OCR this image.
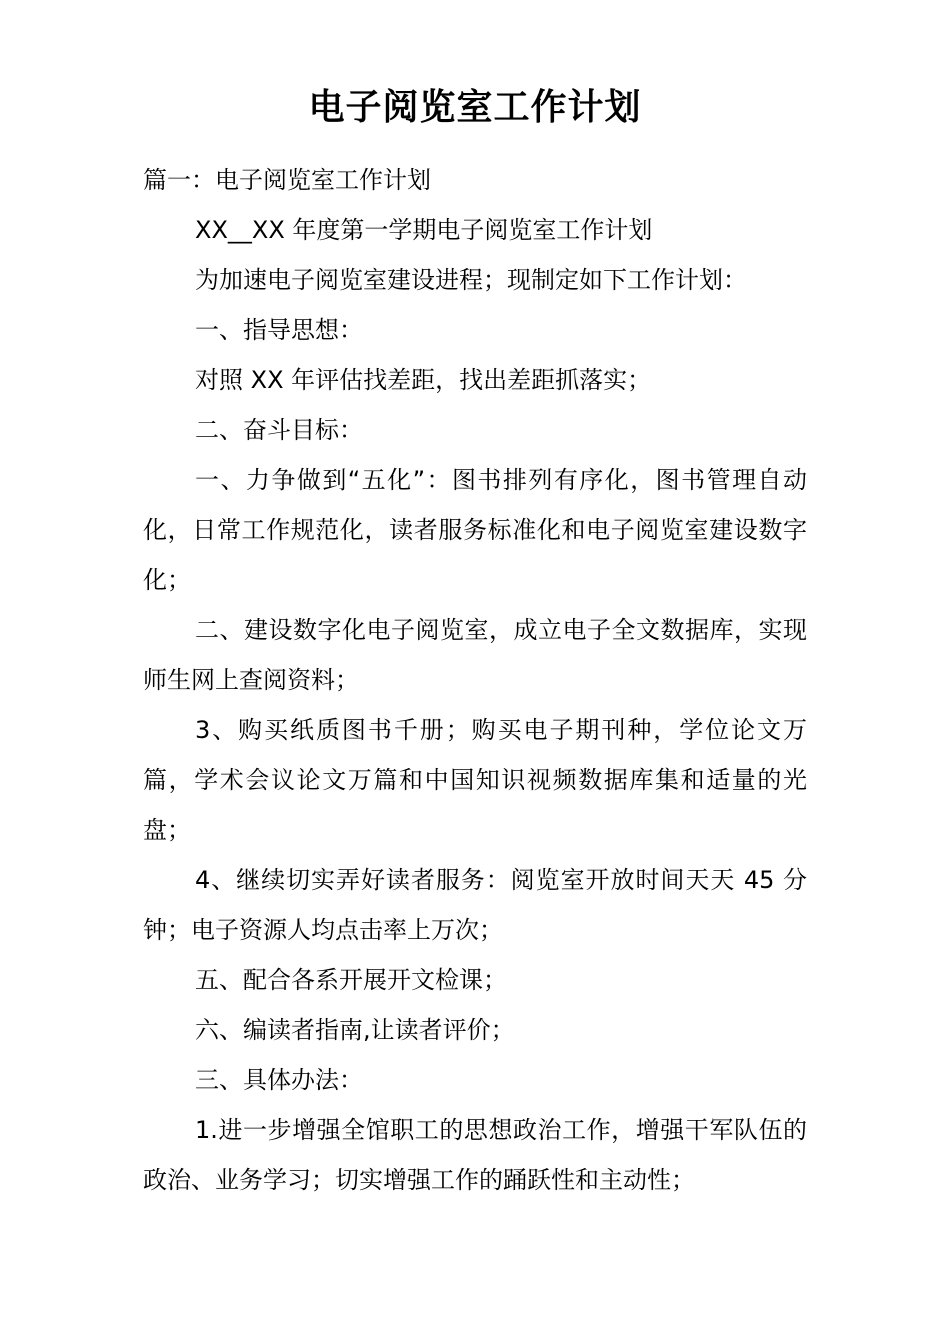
电子阅览室工作计划

篇一：电子阅览室工作计划

XX__XX 年度第一学期电子阅览室工作计划

为加速电子阅览室建设进程；现制定如下工作计划：

一、指导思想：

对照 XX 年评估找差距，找出差距抓落实；

二、奋斗目标：

一、力争做到“五化”：图书排列有序化，图书管理自动化，日常工作规范化，读者服务标准化和电子阅览室建设数字化；

二、建设数字化电子阅览室，成立电子全文数据库，实现师生网上查阅资料；

3、购买纸质图书千册；购买电子期刊种，学位论文万篇，学术会议论文万篇和中国知识视频数据库集和适量的光盘；

4、继续切实弄好读者服务：阅览室开放时间天天 45 分钟；电子资源人均点击率上万次；

五、配合各系开展开文检课；

六、编读者指南,让读者评价；

三、具体办法：

1.进一步增强全馆职工的思想政治工作，增强干军队伍的政治、业务学习；切实增强工作的踊跃性和主动性；
